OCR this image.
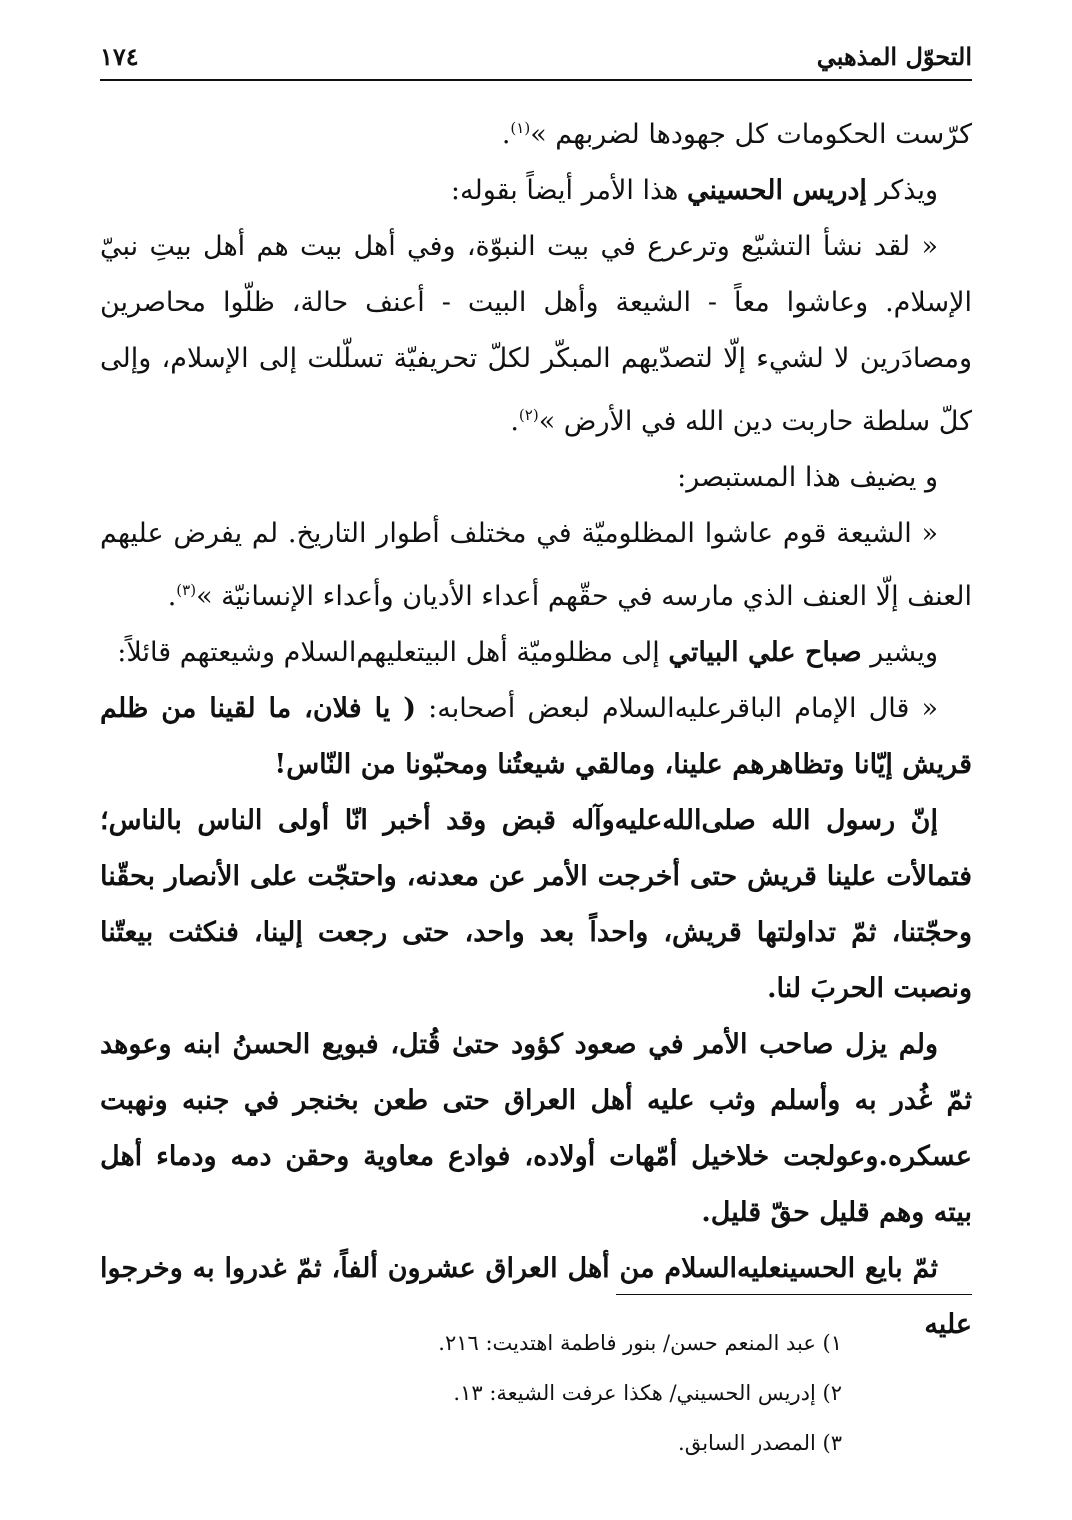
التحوّل المذهبي
١٧٤

كرّست الحكومات كل جهودها لضربهم »$^{(١)}$.

ويذكر إدريس الحسيني هذا الأمر أيضاً بقوله:

« لقد نشأ التشيّع وترعرع في بيت النبوّة، وفي أهل بيت هم أهل بيتِ نبيّ الإسلام. وعاشوا معاً - الشيعة وأهل البيت - أعنف حالة، ظلّوا محاصرين ومصادَرين لا لشيء إلّا لتصدّيهم المبكّر لكلّ تحريفيّة تسلّلت إلى الإسلام، وإلى كلّ سلطة حاربت دين الله في الأرض »$^{(٢)}$.

و يضيف هذا المستبصر:

« الشيعة قوم عاشوا المظلوميّة في مختلف أطوار التاريخ. لم يفرض عليهم العنف إلّا العنف الذي مارسه في حقّهم أعداء الأديان وأعداء الإنسانيّة »$^{(٣)}$.

ويشير صباح علي البياتي إلى مظلوميّة أهل البيتعليهم‌السلام وشيعتهم قائلاً:

« قال الإمام الباقرعليه‌السلام لبعض أصحابه: ( يا فلان، ما لقينا من ظلم قريش إيّانا وتظاهرهم علينا، ومالقي شيعتُنا ومحبّونا من النّاس!

إنّ رسول الله صلى‌الله‌عليه‌وآله قبض وقد أخبر انّا أولى الناس بالناس؛ فتمالأت علينا قريش حتى أخرجت الأمر عن معدنه، واحتجّت على الأنصار بحقّنا وحجّتنا، ثمّ تداولتها قريش، واحداً بعد واحد، حتى رجعت إلينا، فنكثت بيعتّنا ونصبت الحربَ لنا.

ولم يزل صاحب الأمر في صعود كؤود حتىٰ قُتل، فبويع الحسنُ ابنه وعوهد ثمّ غُدر به وأسلم وثب عليه أهل العراق حتى طعن بخنجر في جنبه ونهبت عسكره.وعولجت خلاخيل أمّهات أولاده، فوادع معاوية وحقن دمه ودماء أهل بيته وهم قليل حقّ قليل.

ثمّ بايع الحسينعليه‌السلام من أهل العراق عشرون ألفاً، ثمّ غدروا به وخرجوا عليه

١) عبد المنعم حسن/ بنور فاطمة اهتديت: ٢١٦.
٢) إدريس الحسيني/ هكذا عرفت الشيعة: ١٣.
٣) المصدر السابق.
